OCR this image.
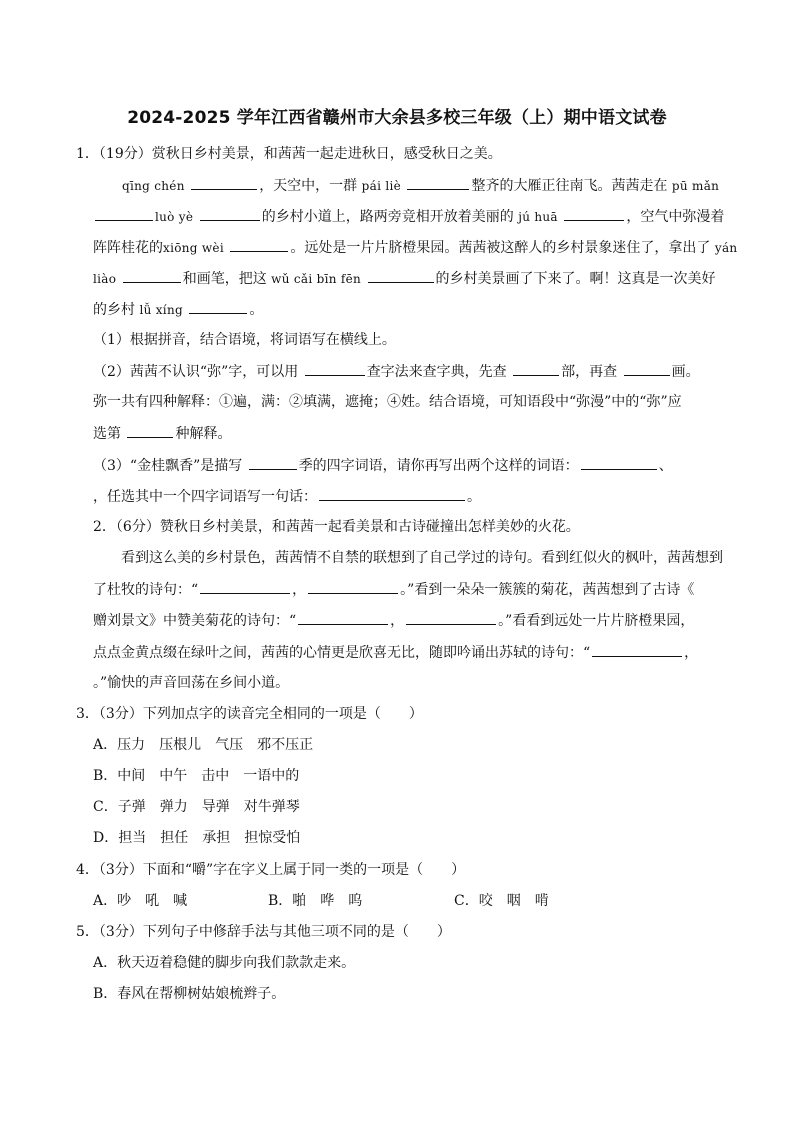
2024-2025 学年江西省赣州市大余县多校三年级（上）期中语文试卷
1．（19分）赏秋日乡村美景，和茜茜一起走进秋日，感受秋日之美。
qīng chén	，天空中，一群 pái liè	整齐的大雁正往南飞。茜茜走在 pū mǎn
luò yè	的乡村小道上，路两旁竞相开放着美丽的 jú huā	，空气中弥漫着
阵阵桂花的xiōng wèi	。远处是一片片脐橙果园。茜茜被这醉人的乡村景象迷住了，拿出了 yán
liào	和画笔，把这 wǔ cǎi bīn fēn	的乡村美景画了下来了。啊！这真是一次美好
的乡村 lǚ xíng	。
（1）根据拼音，结合语境，将词语写在横线上。
（2）茜茜不认识“弥”字，可以用	查字法来查字典，先查	部，再查	画。
弥一共有四种解释：①遍，满：②填满，遮掩；④姓。结合语境，可知语段中“弥漫”中的“弥”应
选第	种解释。
（3）“金桂飘香”是描写	季的四字词语，请你再写出两个这样的词语：	、
，任选其中一个四字词语写一句话：	。
2．（6分）赞秋日乡村美景，和茜茜一起看美景和古诗碰撞出怎样美妙的火花。
看到这么美的乡村景色，茜茜情不自禁的联想到了自己学过的诗句。看到红似火的枫叶，茜茜想到
了杜牧的诗句：“	，	。”看到一朵朵一簇簇的菊花，茜茜想到了古诗《
赠刘景文》中赞美菊花的诗句：“	，	。”看看到远处一片片脐橙果园，
点点金黄点缀在绿叶之间，茜茜的心情更是欣喜无比，随即吟诵出苏轼的诗句：“	，
。”愉快的声音回荡在乡间小道。
3．（3分）下列加点字的读音完全相同的一项是（　　）
A．压力　压根儿　气压　邪不压正
B．中间　中午　击中　一语中的
C．子弹　弹力　导弹　对牛弹琴
D．担当　担任　承担　担惊受怕
4．（3分）下面和“嚼”字在字义上属于同一类的一项是（　　）
A．吵　吼　喊	B．啪　哗　呜	C．咬　咽　啃
5．（3分）下列句子中修辞手法与其他三项不同的是（　　）
A．秋天迈着稳健的脚步向我们款款走来。
B．春风在帮柳树姑娘梳辫子。
